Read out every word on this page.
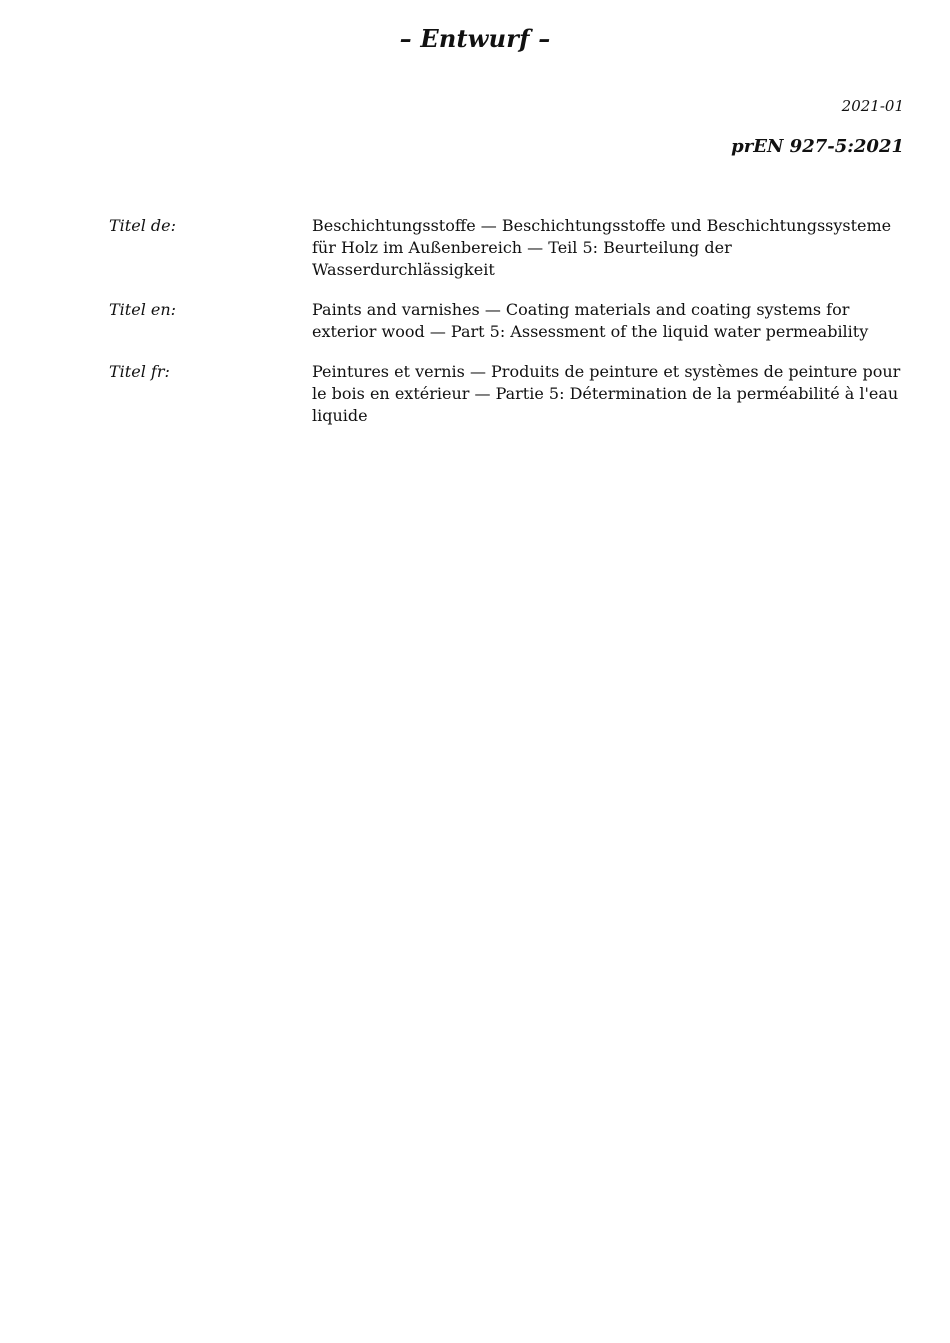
– Entwurf –
2021-01
prEN 927-5:2021
Titel de:	Beschichtungsstoffe — Beschichtungsstoffe und Beschichtungssysteme für Holz im Außenbereich — Teil 5: Beurteilung der Wasserdurchlässigkeit
Titel en:	Paints and varnishes — Coating materials and coating systems for exterior wood — Part 5: Assessment of the liquid water permeability
Titel fr:	Peintures et vernis — Produits de peinture et systèmes de peinture pour le bois en extérieur — Partie 5: Détermination de la perméabilité à l'eau liquide
